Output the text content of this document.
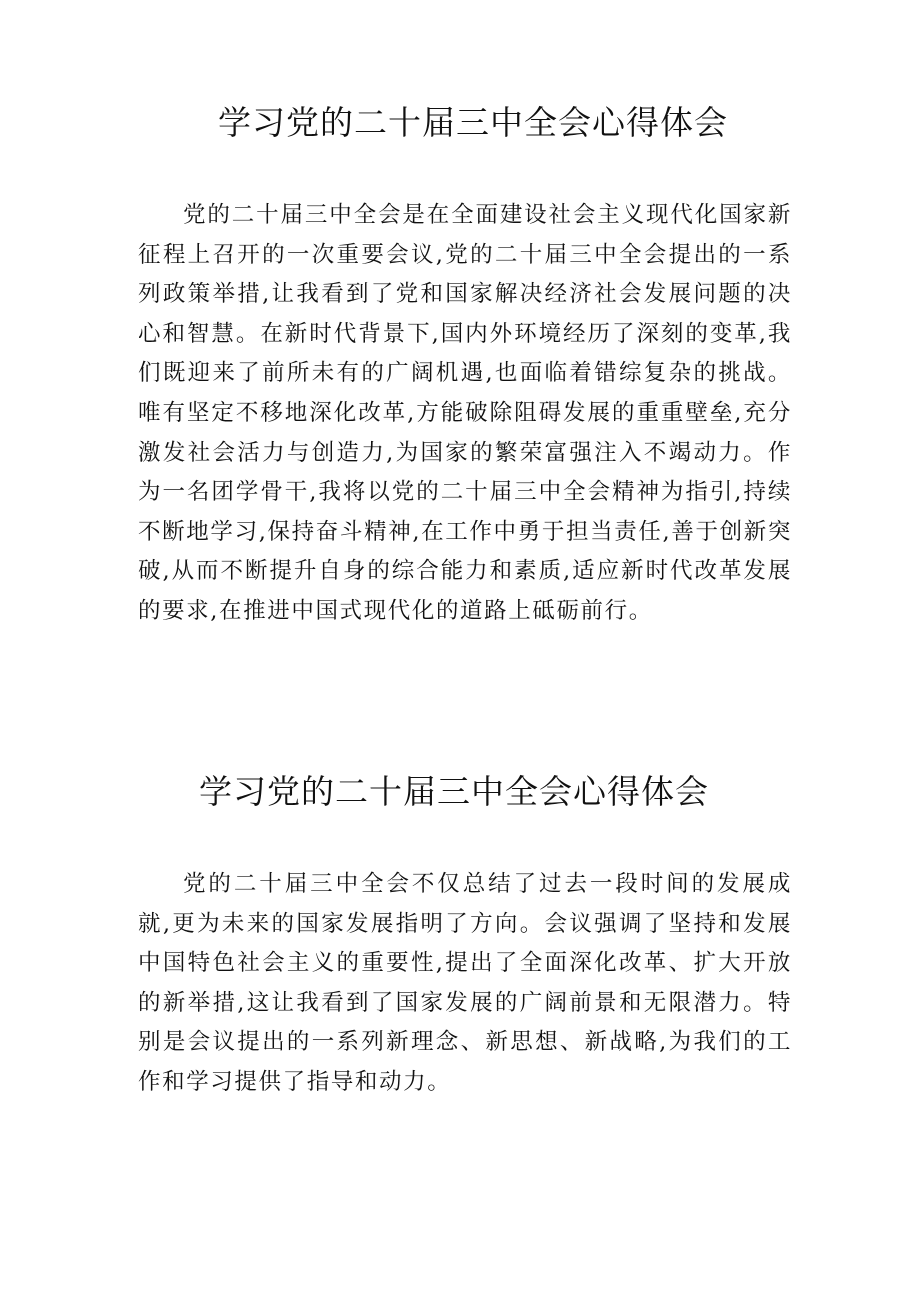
学习党的二十届三中全会心得体会

党的二十届三中全会是在全面建设社会主义现代化国家新征程上召开的一次重要会议,党的二十届三中全会提出的一系列政策举措,让我看到了党和国家解决经济社会发展问题的决心和智慧。在新时代背景下,国内外环境经历了深刻的变革,我们既迎来了前所未有的广阔机遇,也面临着错综复杂的挑战。唯有坚定不移地深化改革,方能破除阻碍发展的重重壁垒,充分激发社会活力与创造力,为国家的繁荣富强注入不竭动力。作为一名团学骨干,我将以党的二十届三中全会精神为指引,持续不断地学习,保持奋斗精神,在工作中勇于担当责任,善于创新突破,从而不断提升自身的综合能力和素质,适应新时代改革发展的要求,在推进中国式现代化的道路上砥砺前行。

学习党的二十届三中全会心得体会

党的二十届三中全会不仅总结了过去一段时间的发展成就,更为未来的国家发展指明了方向。会议强调了坚持和发展中国特色社会主义的重要性,提出了全面深化改革、扩大开放的新举措,这让我看到了国家发展的广阔前景和无限潜力。特别是会议提出的一系列新理念、新思想、新战略,为我们的工作和学习提供了指导和动力。
